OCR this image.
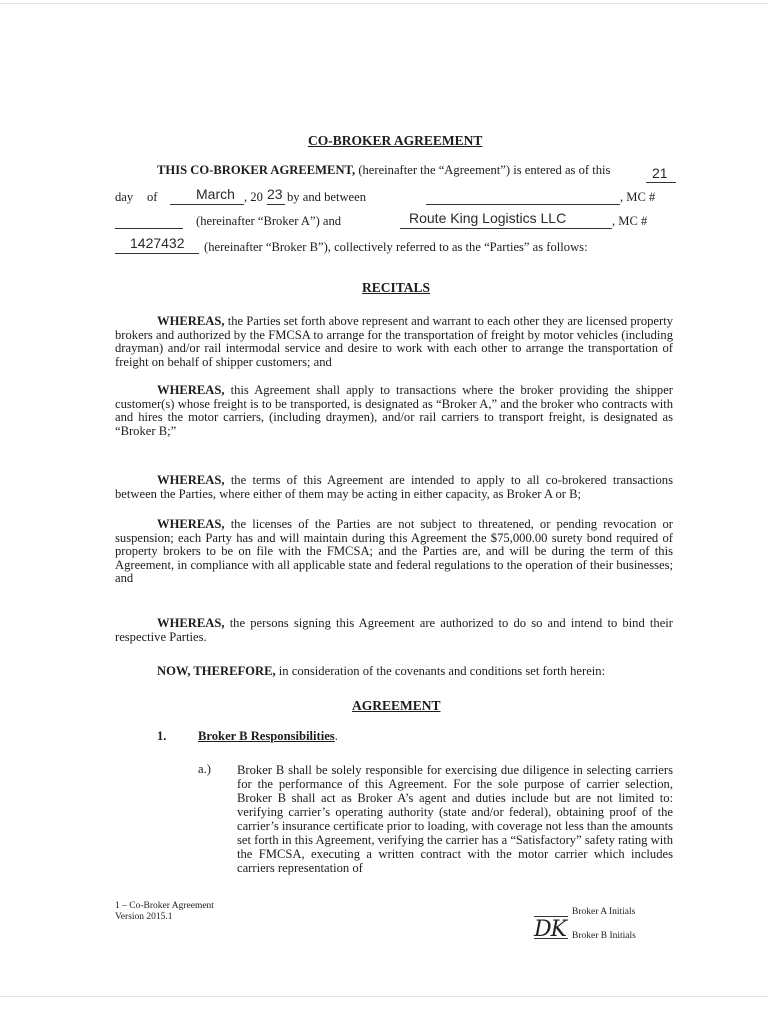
CO-BROKER AGREEMENT
THIS CO-BROKER AGREEMENT, (hereinafter the “Agreement”) is entered as of this	21
day of	March , 20 23 by and between	, MC #
(hereinafter “Broker A”) and	Route King Logistics LLC	, MC #
1427432 (hereinafter “Broker B”), collectively referred to as the “Parties” as follows:
RECITALS
WHEREAS, the Parties set forth above represent and warrant to each other they are licensed property brokers and authorized by the FMCSA to arrange for the transportation of freight by motor vehicles (including drayman) and/or rail intermodal service and desire to work with each other to arrange the transportation of freight on behalf of shipper customers; and
WHEREAS, this Agreement shall apply to transactions where the broker providing the shipper customer(s) whose freight is to be transported, is designated as “Broker A,” and the broker who contracts with and hires the motor carriers, (including draymen), and/or rail carriers to transport freight, is designated as “Broker B;”
WHEREAS, the terms of this Agreement are intended to apply to all co-brokered transactions between the Parties, where either of them may be acting in either capacity, as Broker A or B;
WHEREAS, the licenses of the Parties are not subject to threatened, or pending revocation or suspension; each Party has and will maintain during this Agreement the $75,000.00 surety bond required of property brokers to be on file with the FMCSA; and the Parties are, and will be during the term of this Agreement, in compliance with all applicable state and federal regulations to the operation of their businesses; and
WHEREAS, the persons signing this Agreement are authorized to do so and intend to bind their respective Parties.
NOW, THEREFORE, in consideration of the covenants and conditions set forth herein:
AGREEMENT
1.	Broker B Responsibilities.
a.) Broker B shall be solely responsible for exercising due diligence in selecting carriers for the performance of this Agreement. For the sole purpose of carrier selection, Broker B shall act as Broker A’s agent and duties include but are not limited to: verifying carrier’s operating authority (state and/or federal), obtaining proof of the carrier’s insurance certificate prior to loading, with coverage not less than the amounts set forth in this Agreement, verifying the carrier has a “Satisfactory” safety rating with the FMCSA, executing a written contract with the motor carrier which includes carriers representation of
1 – Co-Broker Agreement
Version 2015.1	Broker A Initials
DK Broker B Initials
